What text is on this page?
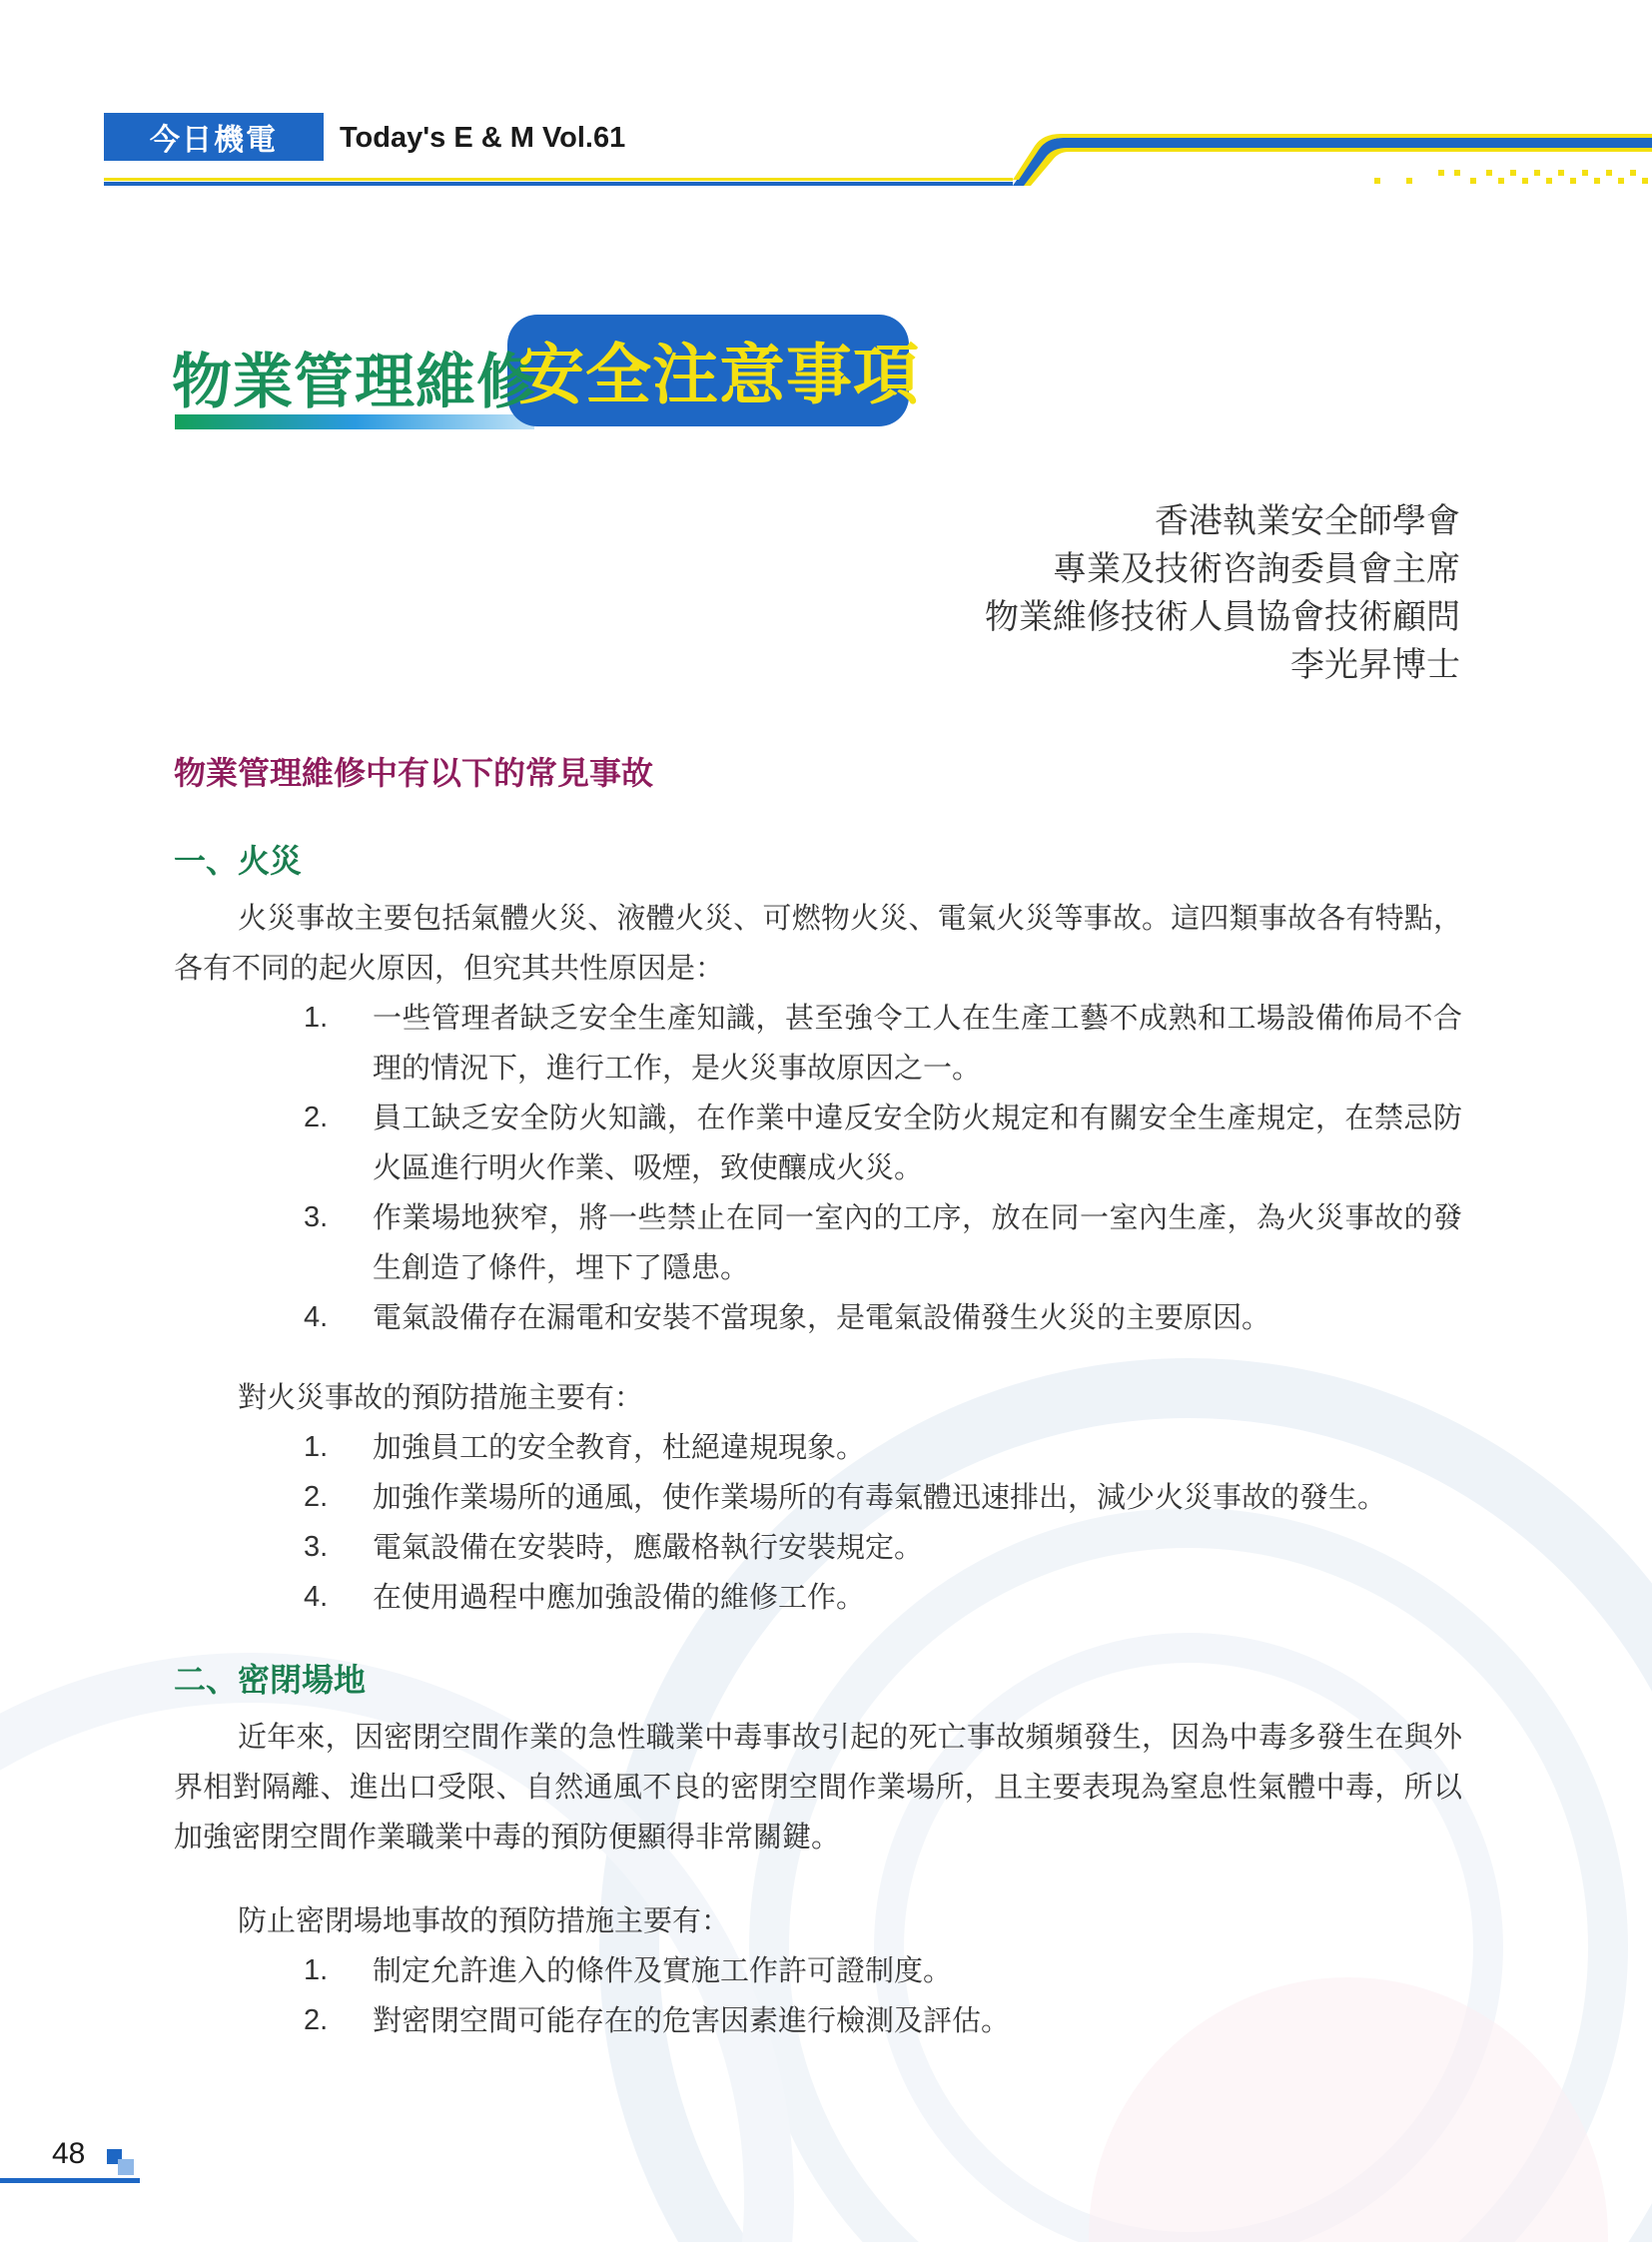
今日機電	Today's E & M Vol.61
物業管理維修
安全注意事項
香港執業安全師學會
專業及技術咨詢委員會主席
物業維修技術人員協會技術顧問
李光昇博士
物業管理維修中有以下的常見事故
一、火災

火災事故主要包括氣體火災、液體火災、可燃物火災、電氣火災等事故。這四類事故各有特點，各有不同的起火原因，但究其共性原因是：

1.	一些管理者缺乏安全生產知識，甚至強令工人在生產工藝不成熟和工場設備佈局不合理的情況下，進行工作，是火災事故原因之一。
2.	員工缺乏安全防火知識，在作業中違反安全防火規定和有關安全生產規定，在禁忌防火區進行明火作業、吸煙，致使釀成火災。
3.	作業場地狹窄，將一些禁止在同一室內的工序，放在同一室內生產，為火災事故的發生創造了條件，埋下了隱患。
4.	電氣設備存在漏電和安裝不當現象，是電氣設備發生火災的主要原因。

對火災事故的預防措施主要有：

1.	加強員工的安全教育，杜絕違規現象。
2.	加強作業場所的通風，使作業場所的有毒氣體迅速排出，減少火災事故的發生。
3.	電氣設備在安裝時，應嚴格執行安裝規定。
4.	在使用過程中應加強設備的維修工作。
二、密閉場地

近年來，因密閉空間作業的急性職業中毒事故引起的死亡事故頻頻發生，因為中毒多發生在與外界相對隔離、進出口受限、自然通風不良的密閉空間作業場所，且主要表現為窒息性氣體中毒，所以加強密閉空間作業職業中毒的預防便顯得非常關鍵。

防止密閉場地事故的預防措施主要有：

1.	制定允許進入的條件及實施工作許可證制度。
2.	對密閉空間可能存在的危害因素進行檢測及評估。
48
